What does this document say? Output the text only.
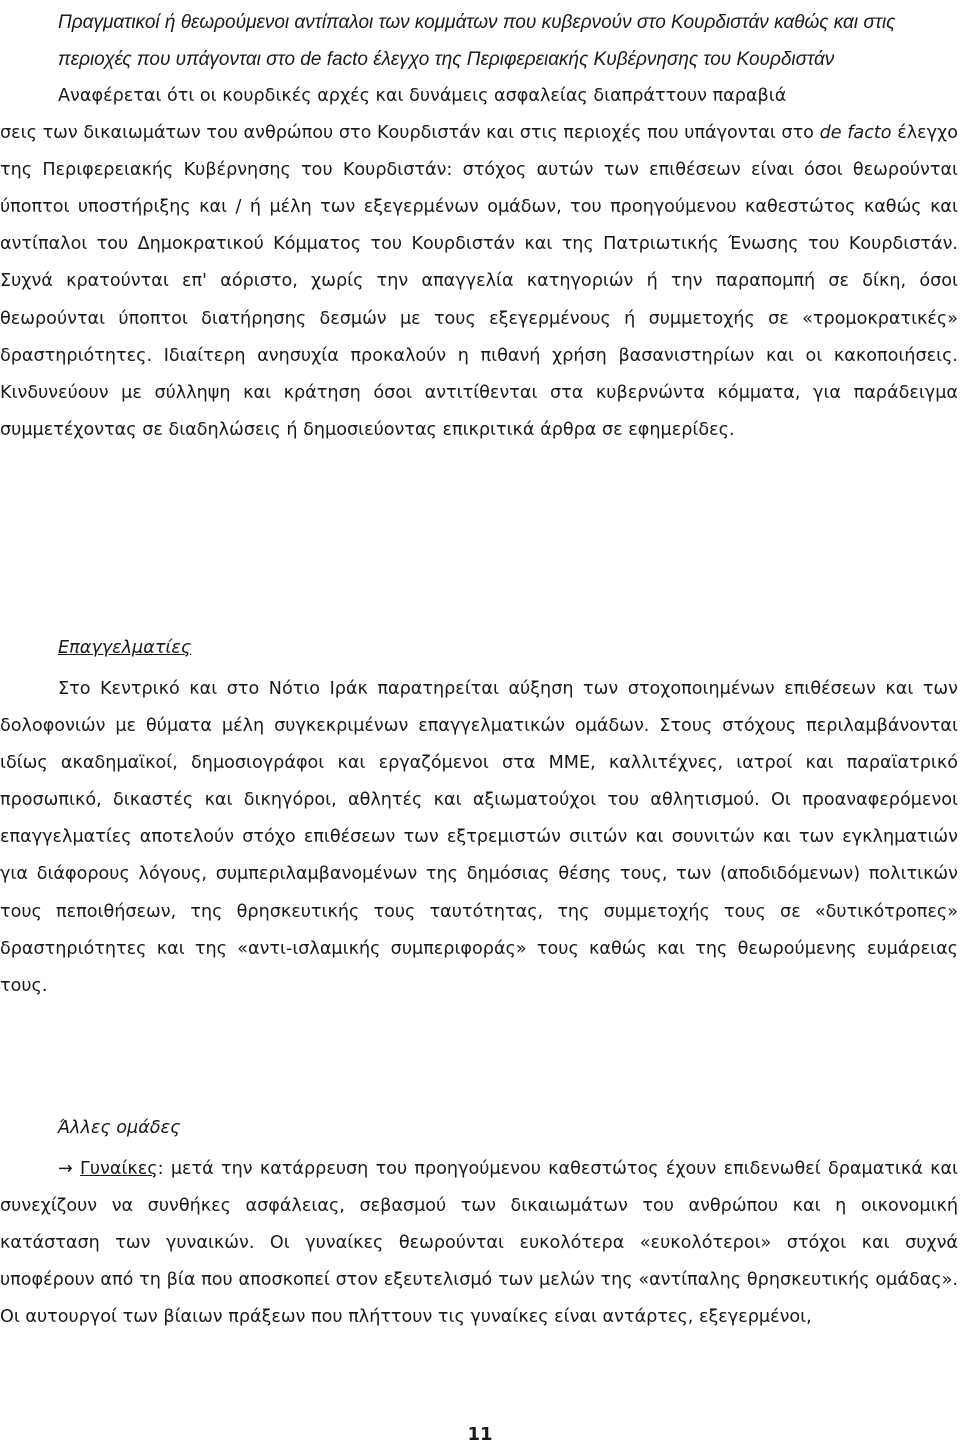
Πραγματικοί ή θεωρούμενοι αντίπαλοι των κομμάτων που κυβερνούν στο Κουρδιστάν καθώς και στις περιοχές που υπάγονται στο de facto έλεγχο της Περιφερειακής Κυβέρνησης του Κουρδιστάν

Αναφέρεται ότι οι κουρδικές αρχές και δυνάμεις ασφαλείας διαπράττουν παραβιά
σεις των δικαιωμάτων του ανθρώπου στο Κουρδιστάν και στις περιοχές που υπάγονται στο de facto έλεγχο της Περιφερειακής Κυβέρνησης του Κουρδιστάν: στόχος αυτών των επιθέσεων είναι όσοι θεωρούνται ύποπτοι υποστήριξης και / ή μέλη των εξεγερμένων ομάδων, του προηγούμενου καθεστώτος καθώς και αντίπαλοι του Δημοκρατικού Κόμματος του Κουρδιστάν και της Πατριωτικής Ένωσης του Κουρδιστάν. Συχνά κρατούνται επ' αόριστο, χωρίς την απαγγελία κατηγοριών ή την παραπομπή σε δίκη, όσοι θεωρούνται ύποπτοι διατήρησης δεσμών με τους εξεγερμένους ή συμμετοχής σε «τρομοκρατικές» δραστηριότητες. Ιδιαίτερη ανησυχία προκαλούν η πιθανή χρήση βασανιστηρίων και οι κακοποιήσεις. Κινδυνεύουν με σύλληψη και κράτηση όσοι αντιτίθενται στα κυβερνώντα κόμματα, για παράδειγμα συμμετέχοντας σε διαδηλώσεις ή δημοσιεύοντας επικριτικά άρθρα σε εφημερίδες.

Επαγγελματίες

Στο Κεντρικό και στο Νότιο Ιράκ παρατηρείται αύξηση των στοχοποιημένων επιθέσεων και των δολοφονιών με θύματα μέλη συγκεκριμένων επαγγελματικών ομάδων. Στους στόχους περιλαμβάνονται ιδίως ακαδημαϊκοί, δημοσιογράφοι και εργαζόμενοι στα ΜΜΕ, καλλιτέχνες, ιατροί και παραϊατρικό προσωπικό, δικαστές και δικηγόροι, αθλητές και αξιωματούχοι του αθλητισμού. Οι προαναφερόμενοι επαγγελματίες αποτελούν στόχο επιθέσεων των εξτρεμιστών σιιτών και σουνιτών και των εγκληματιών για διάφορους λόγους, συμπεριλαμβανομένων της δημόσιας θέσης τους, των (αποδιδόμενων) πολιτικών τους πεποιθήσεων, της θρησκευτικής τους ταυτότητας, της συμμετοχής τους σε «δυτικότροπες» δραστηριότητες και της «αντι-ισλαμικής συμπεριφοράς» τους καθώς και της θεωρούμενης ευμάρειας τους.

Άλλες ομάδες

→ Γυναίκες: μετά την κατάρρευση του προηγούμενου καθεστώτος έχουν επιδενωθεί δραματικά και συνεχίζουν να συνθήκες ασφάλειας, σεβασμού των δικαιωμάτων του ανθρώπου και η οικονομική κατάσταση των γυναικών. Οι γυναίκες θεωρούνται ευκολότερα «ευκολότεροι» στόχοι και συχνά υποφέρουν από τη βία που αποσκοπεί στον εξευτελισμό των μελών της «αντίπαλης θρησκευτικής ομάδας». Οι αυτουργοί των βίαιων πράξεων που πλήττουν τις γυναίκες είναι αντάρτες, εξεγερμένοι,

11
